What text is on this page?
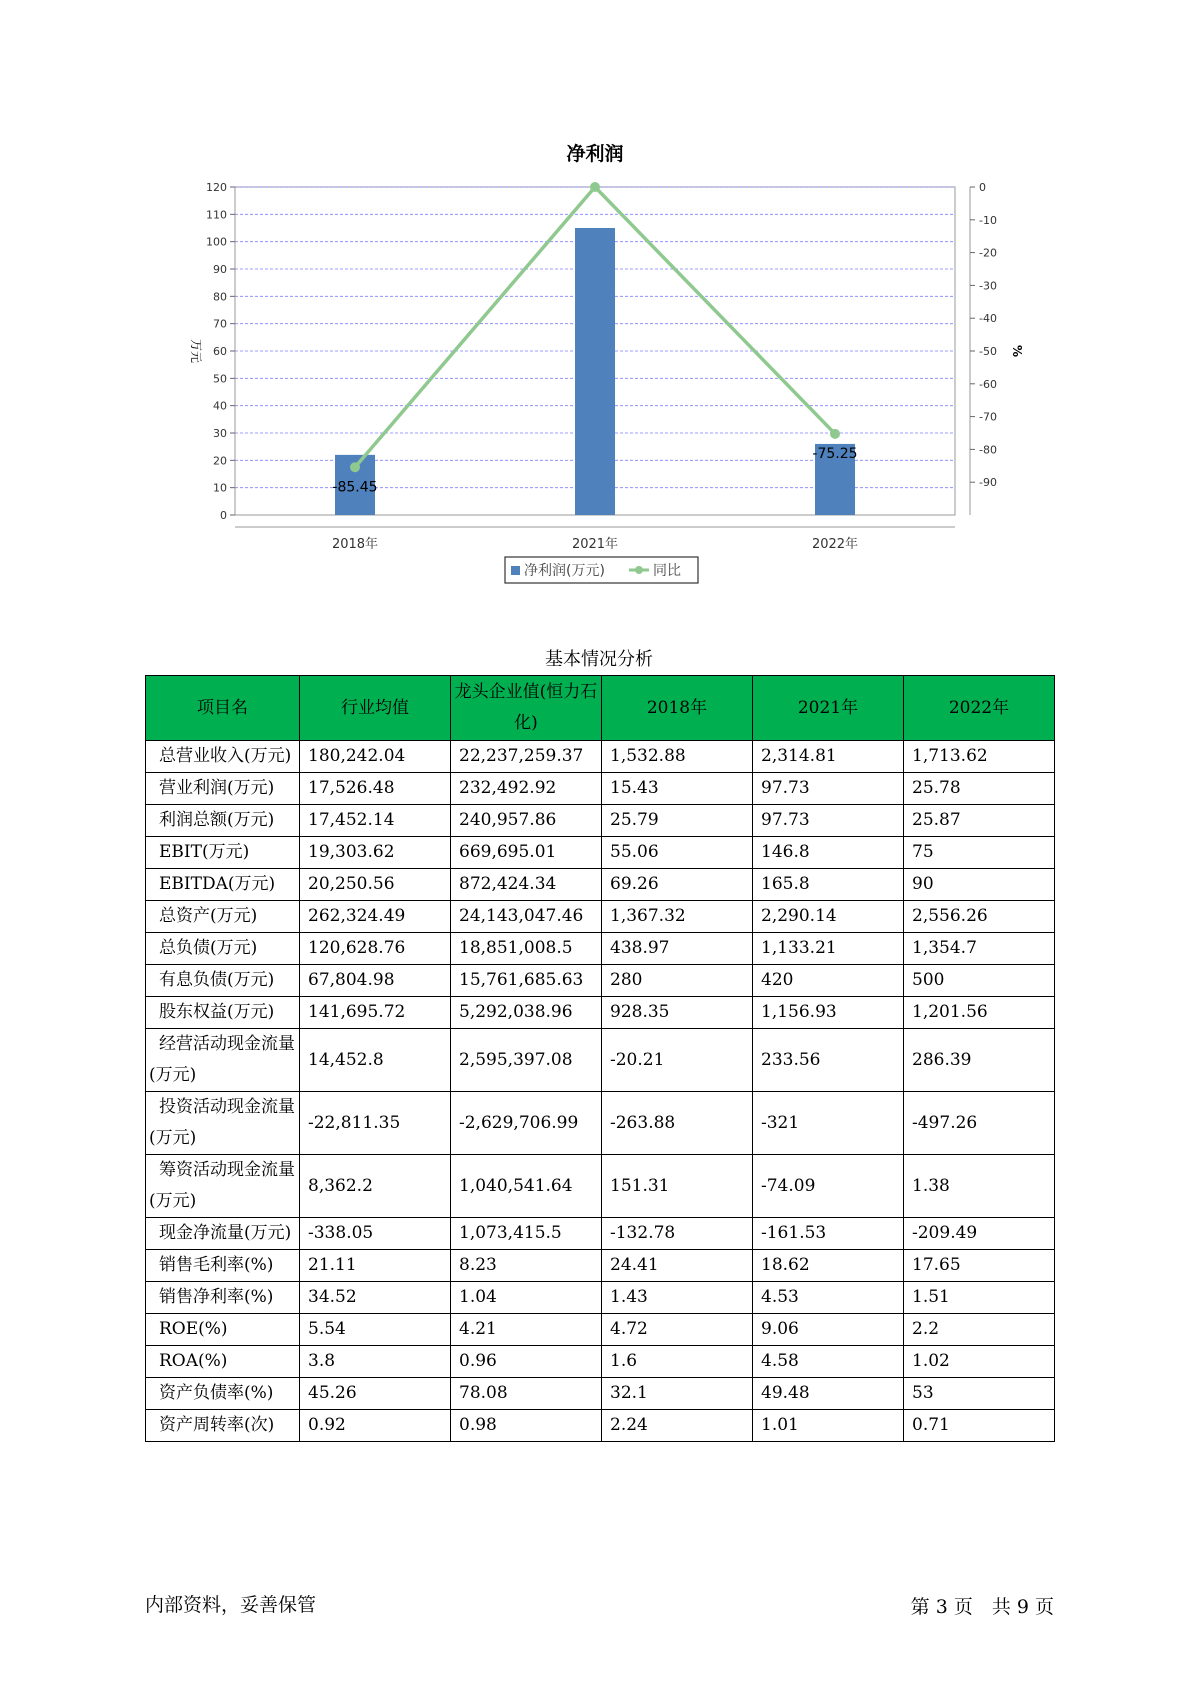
净利润
0
10
20
30
40
50
60
70
80
90
100
110
120	0
-10
-20
-30
-40
-50
-60
-70
-80
-90
万元	%
2018年	2021年	2022年
-85.45
-75.25
净利润(万元)	同比
基本情况分析
项目名	行业均值	龙头企业值(恒力石化)	2018年	2021年	2022年
总营业收入(万元)	180,242.04	22,237,259.37	1,532.88	2,314.81	1,713.62
营业利润(万元)	17,526.48	232,492.92	15.43	97.73	25.78
利润总额(万元)	17,452.14	240,957.86	25.79	97.73	25.87
EBIT(万元)	19,303.62	669,695.01	55.06	146.8	75
EBITDA(万元)	20,250.56	872,424.34	69.26	165.8	90
总资产(万元)	262,324.49	24,143,047.46	1,367.32	2,290.14	2,556.26
总负债(万元)	120,628.76	18,851,008.5	438.97	1,133.21	1,354.7
有息负债(万元)	67,804.98	15,761,685.63	280	420	500
股东权益(万元)	141,695.72	5,292,038.96	928.35	1,156.93	1,201.56
经营活动现金流量(万元)	14,452.8	2,595,397.08	-20.21	233.56	286.39
投资活动现金流量(万元)	-22,811.35	-2,629,706.99	-263.88	-321	-497.26
筹资活动现金流量(万元)	8,362.2	1,040,541.64	151.31	-74.09	1.38
现金净流量(万元)	-338.05	1,073,415.5	-132.78	-161.53	-209.49
销售毛利率(%)	21.11	8.23	24.41	18.62	17.65
销售净利率(%)	34.52	1.04	1.43	4.53	1.51
ROE(%)	5.54	4.21	4.72	9.06	2.2
ROA(%)	3.8	0.96	1.6	4.58	1.02
资产负债率(%)	45.26	78.08	32.1	49.48	53
资产周转率(次)	0.92	0.98	2.24	1.01	0.71
内部资料，妥善保管	第 3 页　共 9 页
